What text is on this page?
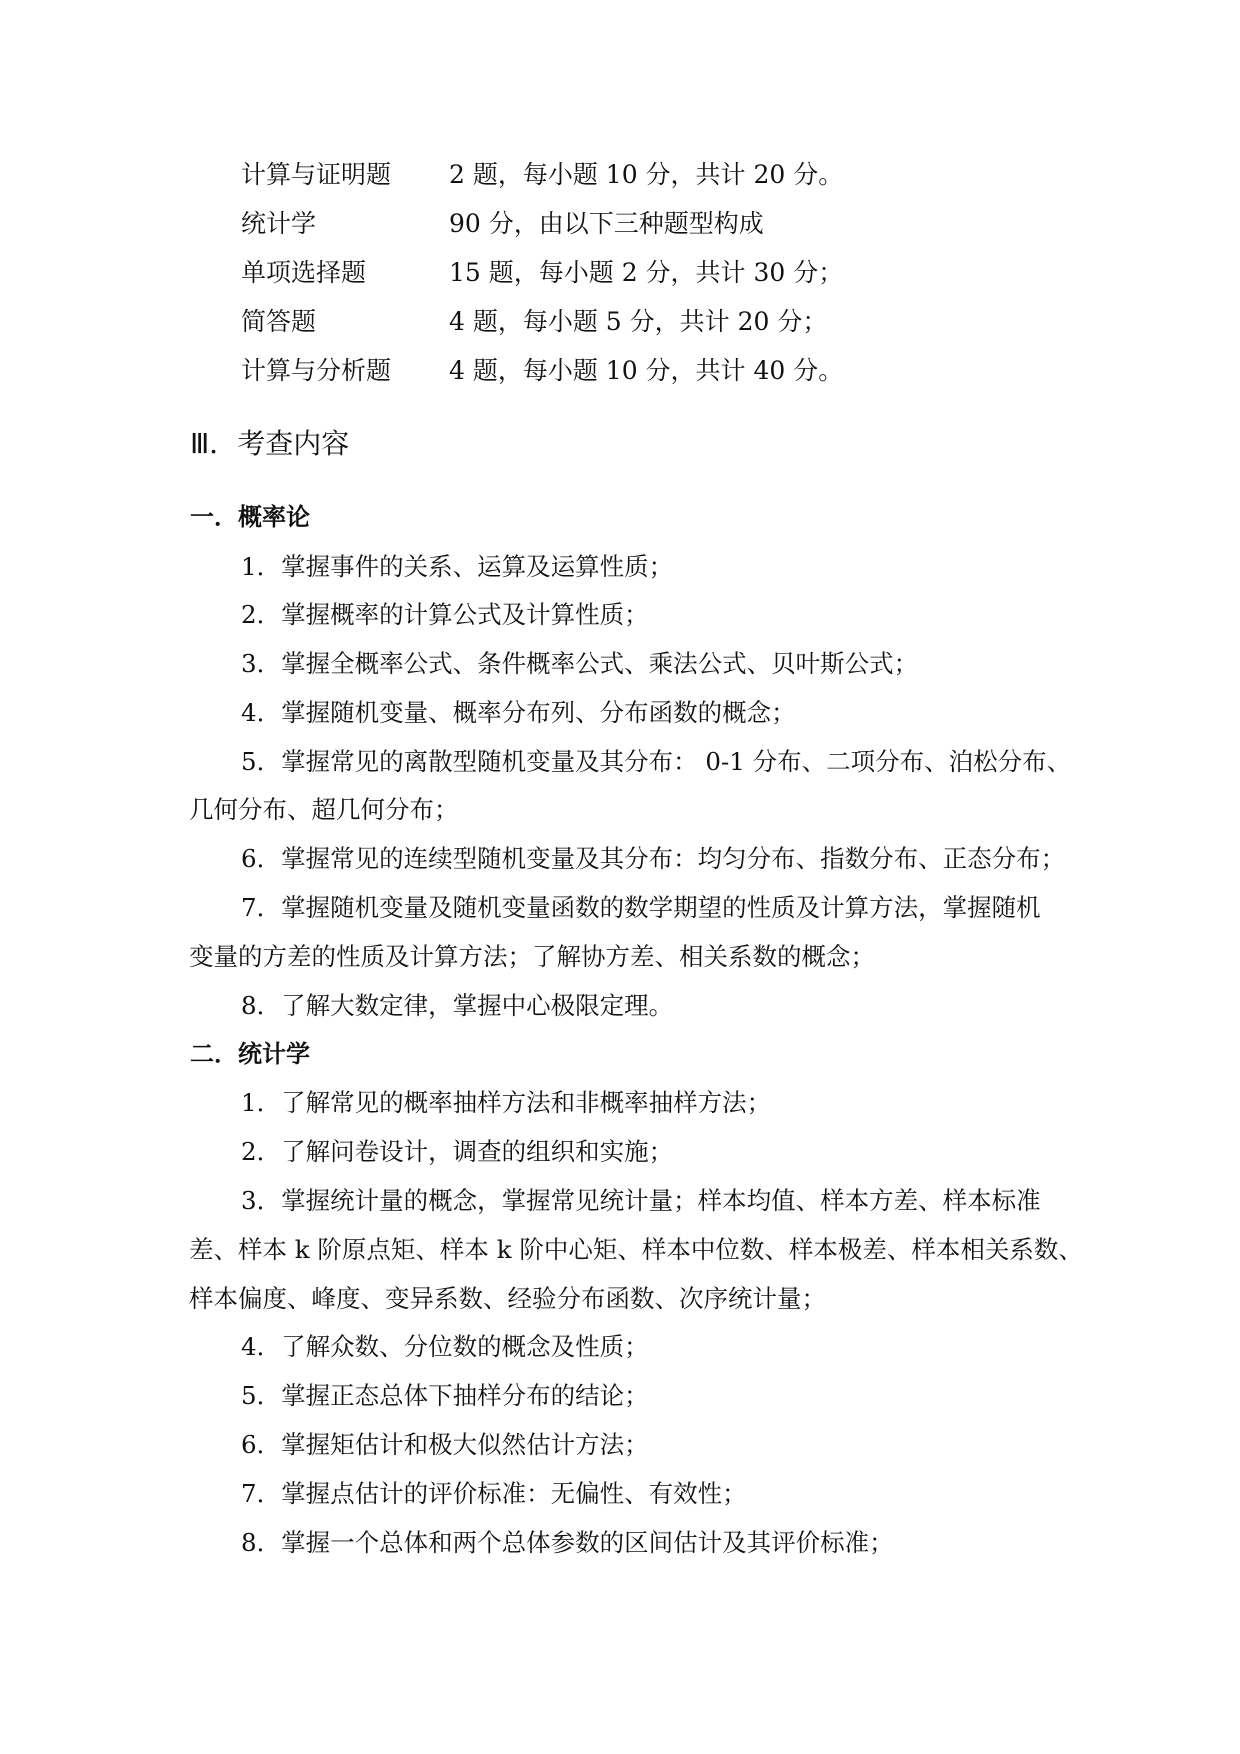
计算与证明题 2 题，每小题 10 分，共计 20 分。
统计学	90 分，由以下三种题型构成
单项选择题	15 题，每小题 2 分，共计 30 分；
简答题	4 题，每小题 5 分，共计 20 分；
计算与分析题 4 题，每小题 10 分，共计 40 分。
Ⅲ．考查内容
一．概率论
1．掌握事件的关系、运算及运算性质；
2．掌握概率的计算公式及计算性质；
3．掌握全概率公式、条件概率公式、乘法公式、贝叶斯公式；
4．掌握随机变量、概率分布列、分布函数的概念；
5．掌握常见的离散型随机变量及其分布： 0-1 分布、二项分布、泊松分布、
几何分布、超几何分布；
6．掌握常见的连续型随机变量及其分布：均匀分布、指数分布、正态分布；
7．掌握随机变量及随机变量函数的数学期望的性质及计算方法，掌握随机
变量的方差的性质及计算方法；了解协方差、相关系数的概念；
8．了解大数定律，掌握中心极限定理。
二．统计学
1．了解常见的概率抽样方法和非概率抽样方法；
2．了解问卷设计，调查的组织和实施；
3．掌握统计量的概念，掌握常见统计量；样本均值、样本方差、样本标准
差、样本 k 阶原点矩、样本 k 阶中心矩、样本中位数、样本极差、样本相关系数、
样本偏度、峰度、变异系数、经验分布函数、次序统计量；
4．了解众数、分位数的概念及性质；
5．掌握正态总体下抽样分布的结论；
6．掌握矩估计和极大似然估计方法；
7．掌握点估计的评价标准：无偏性、有效性；
8．掌握一个总体和两个总体参数的区间估计及其评价标准；
